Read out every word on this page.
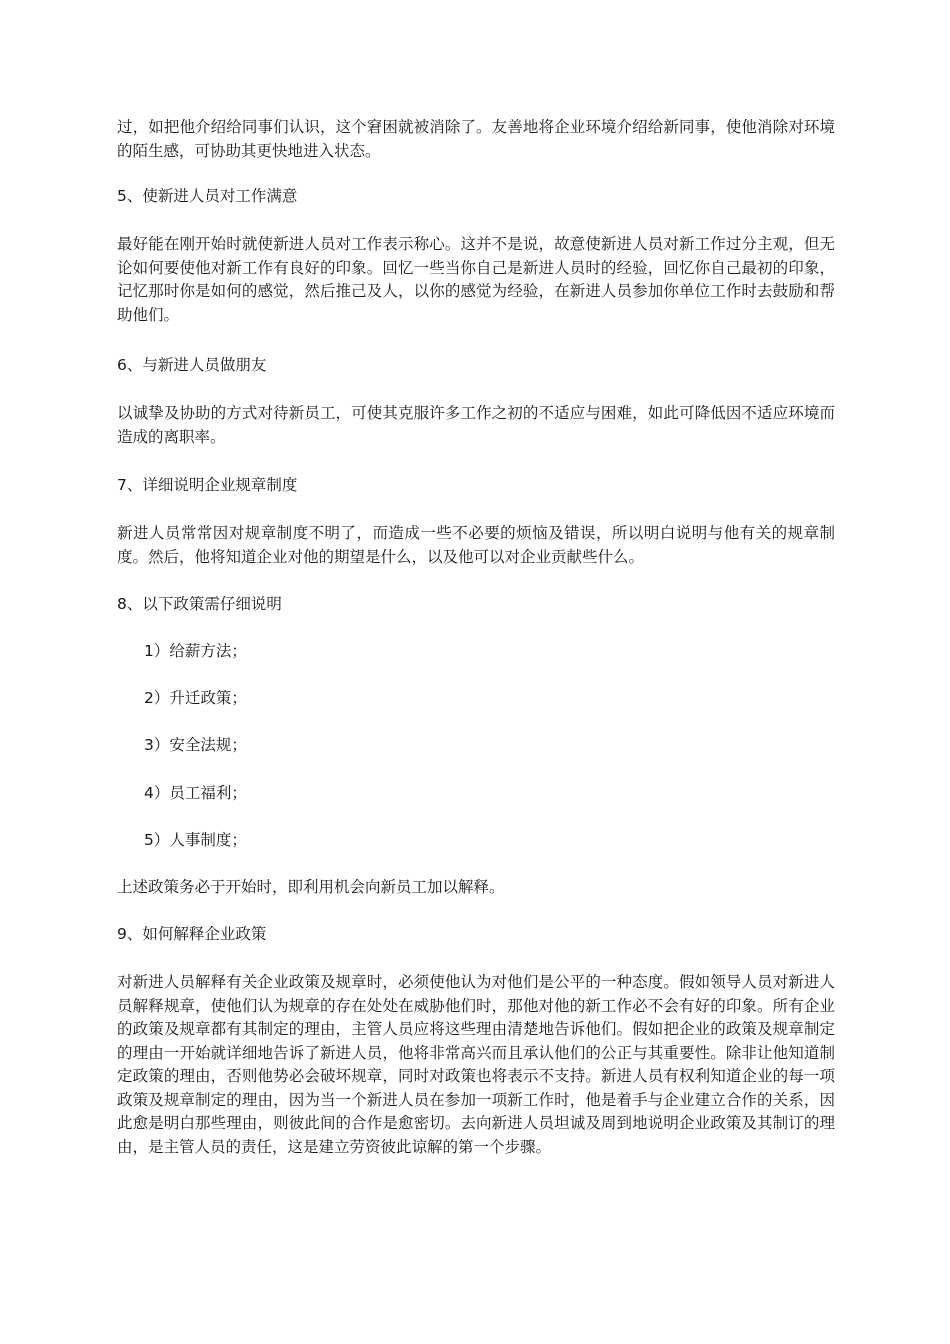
过，如把他介绍给同事们认识，这个窘困就被消除了。友善地将企业环境介绍给新同事，使他消除对环境的陌生感，可协助其更快地进入状态。

5、使新进人员对工作满意

最好能在刚开始时就使新进人员对工作表示称心。这并不是说，故意使新进人员对新工作过分主观，但无论如何要使他对新工作有良好的印象。回忆一些当你自己是新进人员时的经验，回忆你自己最初的印象，记忆那时你是如何的感觉，然后推己及人，以你的感觉为经验，在新进人员参加你单位工作时去鼓励和帮助他们。

6、与新进人员做朋友

以诚挚及协助的方式对待新员工，可使其克服许多工作之初的不适应与困难，如此可降低因不适应环境而造成的离职率。

7、详细说明企业规章制度

新进人员常常因对规章制度不明了，而造成一些不必要的烦恼及错误，所以明白说明与他有关的规章制度。然后，他将知道企业对他的期望是什么，以及他可以对企业贡献些什么。

8、以下政策需仔细说明

1）给薪方法；

2）升迁政策；

3）安全法规；

4）员工福利；

5）人事制度；

上述政策务必于开始时，即利用机会向新员工加以解释。

9、如何解释企业政策

对新进人员解释有关企业政策及规章时，必须使他认为对他们是公平的一种态度。假如领导人员对新进人员解释规章，使他们认为规章的存在处处在威胁他们时，那他对他的新工作必不会有好的印象。所有企业的政策及规章都有其制定的理由，主管人员应将这些理由清楚地告诉他们。假如把企业的政策及规章制定的理由一开始就详细地告诉了新进人员，他将非常高兴而且承认他们的公正与其重要性。除非让他知道制定政策的理由，否则他势必会破坏规章，同时对政策也将表示不支持。新进人员有权利知道企业的每一项政策及规章制定的理由，因为当一个新进人员在参加一项新工作时，他是着手与企业建立合作的关系，因此愈是明白那些理由，则彼此间的合作是愈密切。去向新进人员坦诚及周到地说明企业政策及其制订的理由，是主管人员的责任，这是建立劳资彼此谅解的第一个步骤。
